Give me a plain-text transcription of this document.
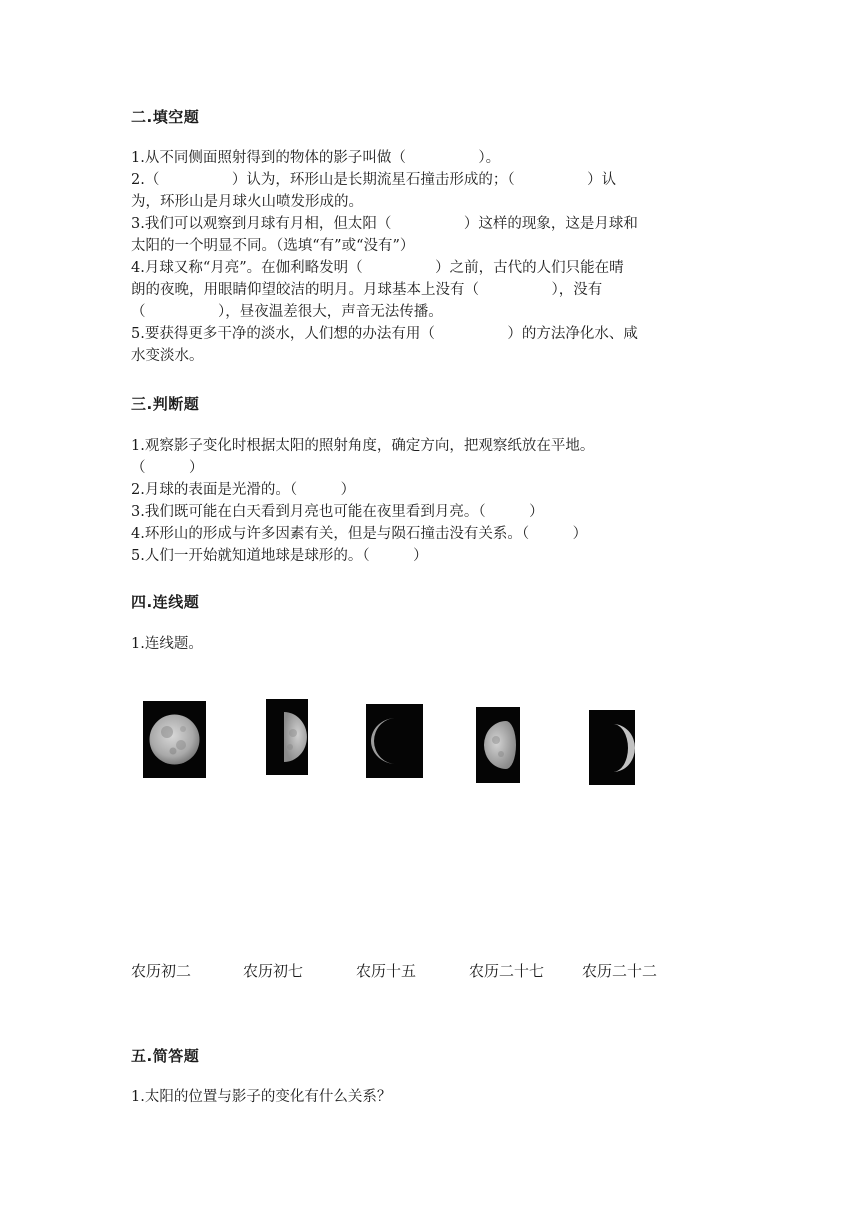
二.填空题
1.从不同侧面照射得到的物体的影子叫做（　　　　　）。
2.（　　　　　）认为，环形山是长期流星石撞击形成的；（　　　　　）认
为，环形山是月球火山喷发形成的。
3.我们可以观察到月球有月相，但太阳（　　　　　）这样的现象，这是月球和
太阳的一个明显不同。（选填“有”或“没有”）
4.月球又称“月亮”。在伽利略发明（　　　　　）之前，古代的人们只能在晴
朗的夜晚，用眼睛仰望皎洁的明月。月球基本上没有（　　　　　），没有
（　　　　　），昼夜温差很大，声音无法传播。
5.要获得更多干净的淡水，人们想的办法有用（　　　　　）的方法净化水、咸
水变淡水。
三.判断题
1.观察影子变化时根据太阳的照射角度，确定方向，把观察纸放在平地。
（　　　）
2.月球的表面是光滑的。（　　　）
3.我们既可能在白天看到月亮也可能在夜里看到月亮。（　　　）
4.环形山的形成与许多因素有关，但是与陨石撞击没有关系。（　　　）
5.人们一开始就知道地球是球形的。（　　　）
四.连线题
1.连线题。
农历初二	农历初七	农历十五	农历二十七	农历二十二
五.简答题
1.太阳的位置与影子的变化有什么关系？
